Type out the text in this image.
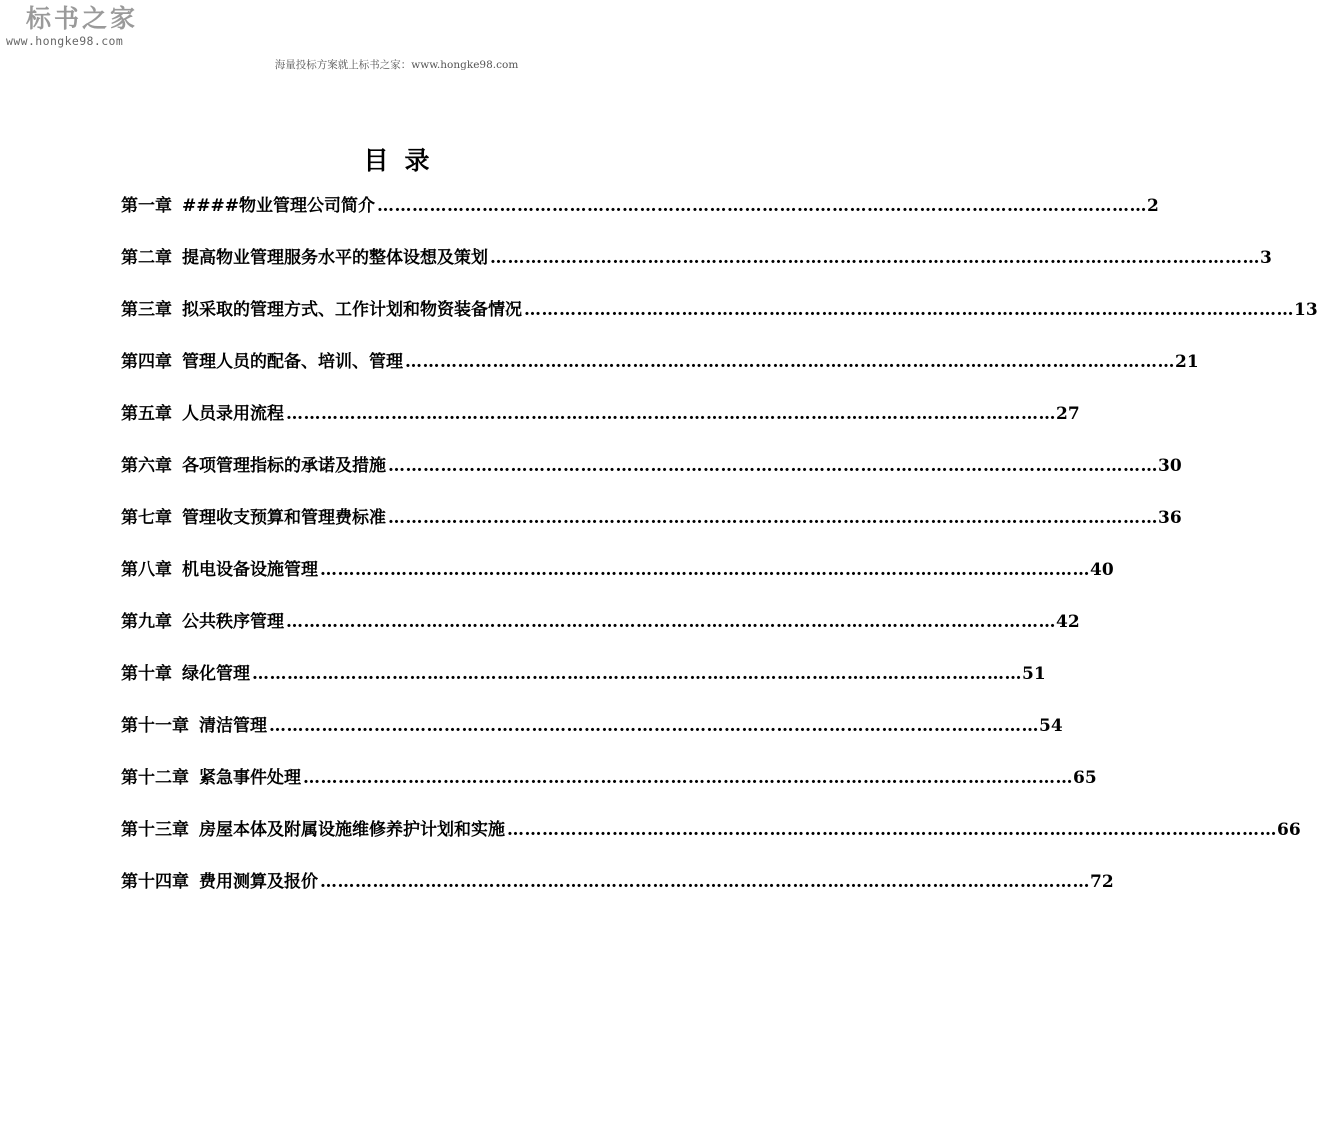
标书之家
www.hongke98.com
海量投标方案就上标书之家：www.hongke98.com
目录
第一章 ####物业管理公司简介 …………………………………………………………………………………………………………………… 2
第二章 提高物业管理服务水平的整体设想及策划 …………………………………………………………………………………………………………………… 3
第三章 拟采取的管理方式、工作计划和物资装备情况 …………………………………………………………………………………………………………………… 13
第四章 管理人员的配备、培训、管理 …………………………………………………………………………………………………………………… 21
第五章 人员录用流程 …………………………………………………………………………………………………………………… 27
第六章 各项管理指标的承诺及措施 …………………………………………………………………………………………………………………… 30
第七章 管理收支预算和管理费标准 …………………………………………………………………………………………………………………… 36
第八章 机电设备设施管理 …………………………………………………………………………………………………………………… 40
第九章 公共秩序管理 …………………………………………………………………………………………………………………… 42
第十章 绿化管理 …………………………………………………………………………………………………………………… 51
第十一章 清洁管理 …………………………………………………………………………………………………………………… 54
第十二章 紧急事件处理 …………………………………………………………………………………………………………………… 65
第十三章 房屋本体及附属设施维修养护计划和实施 …………………………………………………………………………………………………………………… 66
第十四章 费用测算及报价 …………………………………………………………………………………………………………………… 72
